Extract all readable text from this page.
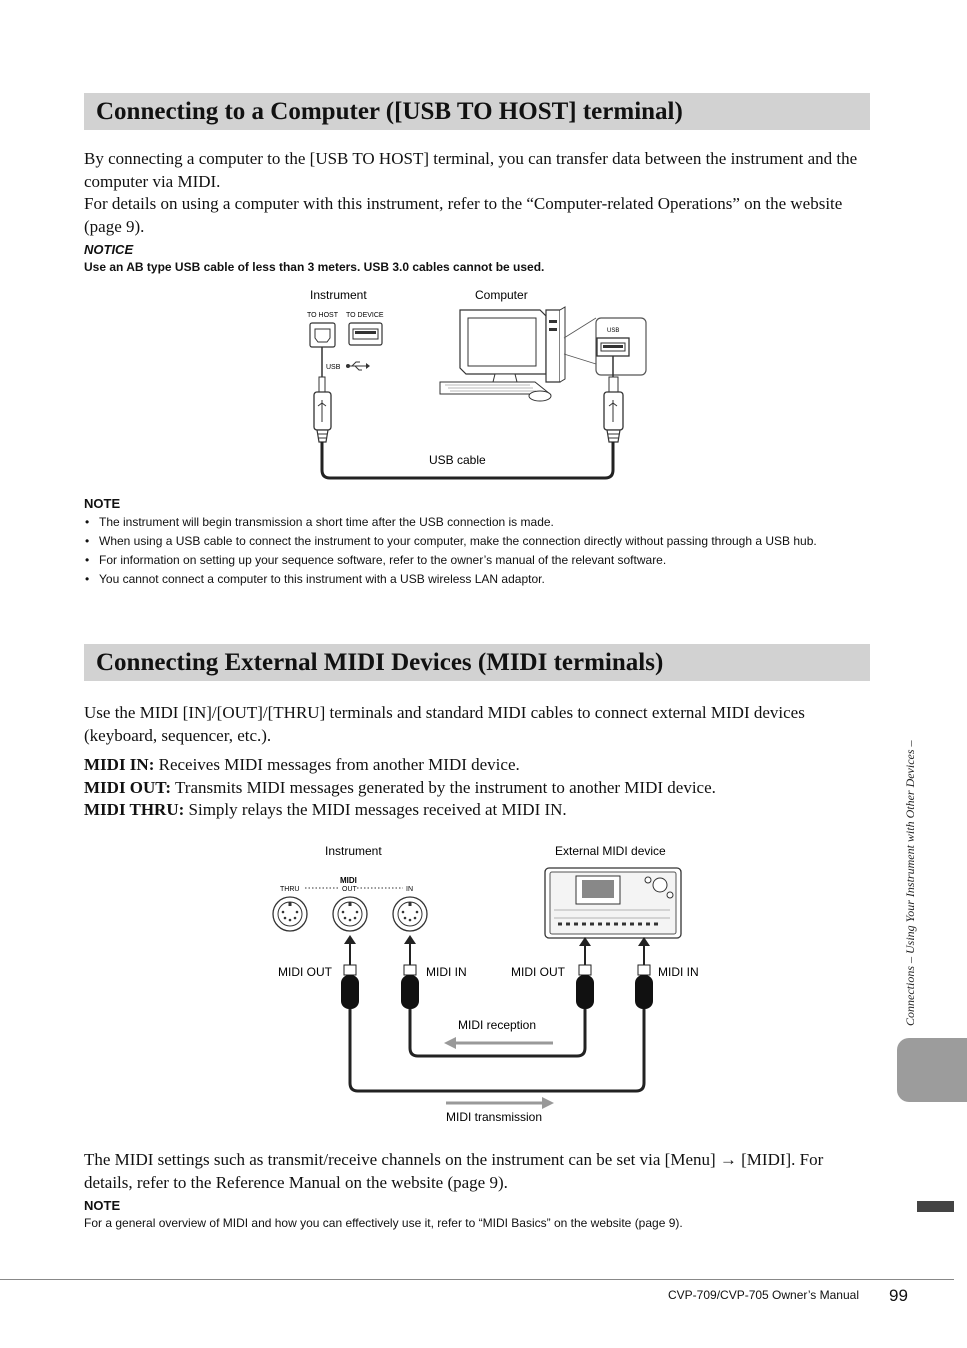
Connecting to a Computer ([USB TO HOST] terminal)

By connecting a computer to the [USB TO HOST] terminal, you can transfer data between the instrument and the computer via MIDI.

For details on using a computer with this instrument, refer to the “Computer-related Operations” on the website (page 9).

NOTICE
Use an AB type USB cable of less than 3 meters. USB 3.0 cables cannot be used.
Instrument	Computer
TO HOST TO DEVICE
USB
USB
USB cable
NOTE
• The instrument will begin transmission a short time after the USB connection is made.
• When using a USB cable to connect the instrument to your computer, make the connection directly without passing through a USB hub.
• For information on setting up your sequence software, refer to the owner’s manual of the relevant software.
• You cannot connect a computer to this instrument with a USB wireless LAN adaptor.
Connecting External MIDI Devices (MIDI terminals)

Use the MIDI [IN]/[OUT]/[THRU] terminals and standard MIDI cables to connect external MIDI devices (keyboard, sequencer, etc.).

MIDI IN: Receives MIDI messages from another MIDI device.

MIDI OUT: Transmits MIDI messages generated by the instrument to another MIDI device.

MIDI THRU: Simply relays the MIDI messages received at MIDI IN.

Instrument	External MIDI device
MIDI
THRU	OUT	IN
MIDI OUT	MIDI IN	MIDI OUT	MIDI IN
MIDI reception
MIDI transmission

The MIDI settings such as transmit/receive channels on the instrument can be set via [Menu] → [MIDI]. For details, refer to the Reference Manual on the website (page 9).

NOTE
For a general overview of MIDI and how you can effectively use it, refer to “MIDI Basics” on the website (page 9).
Connections – Using Your Instrument with Other Devices –
CVP-709/CVP-705 Owner’s Manual 99
